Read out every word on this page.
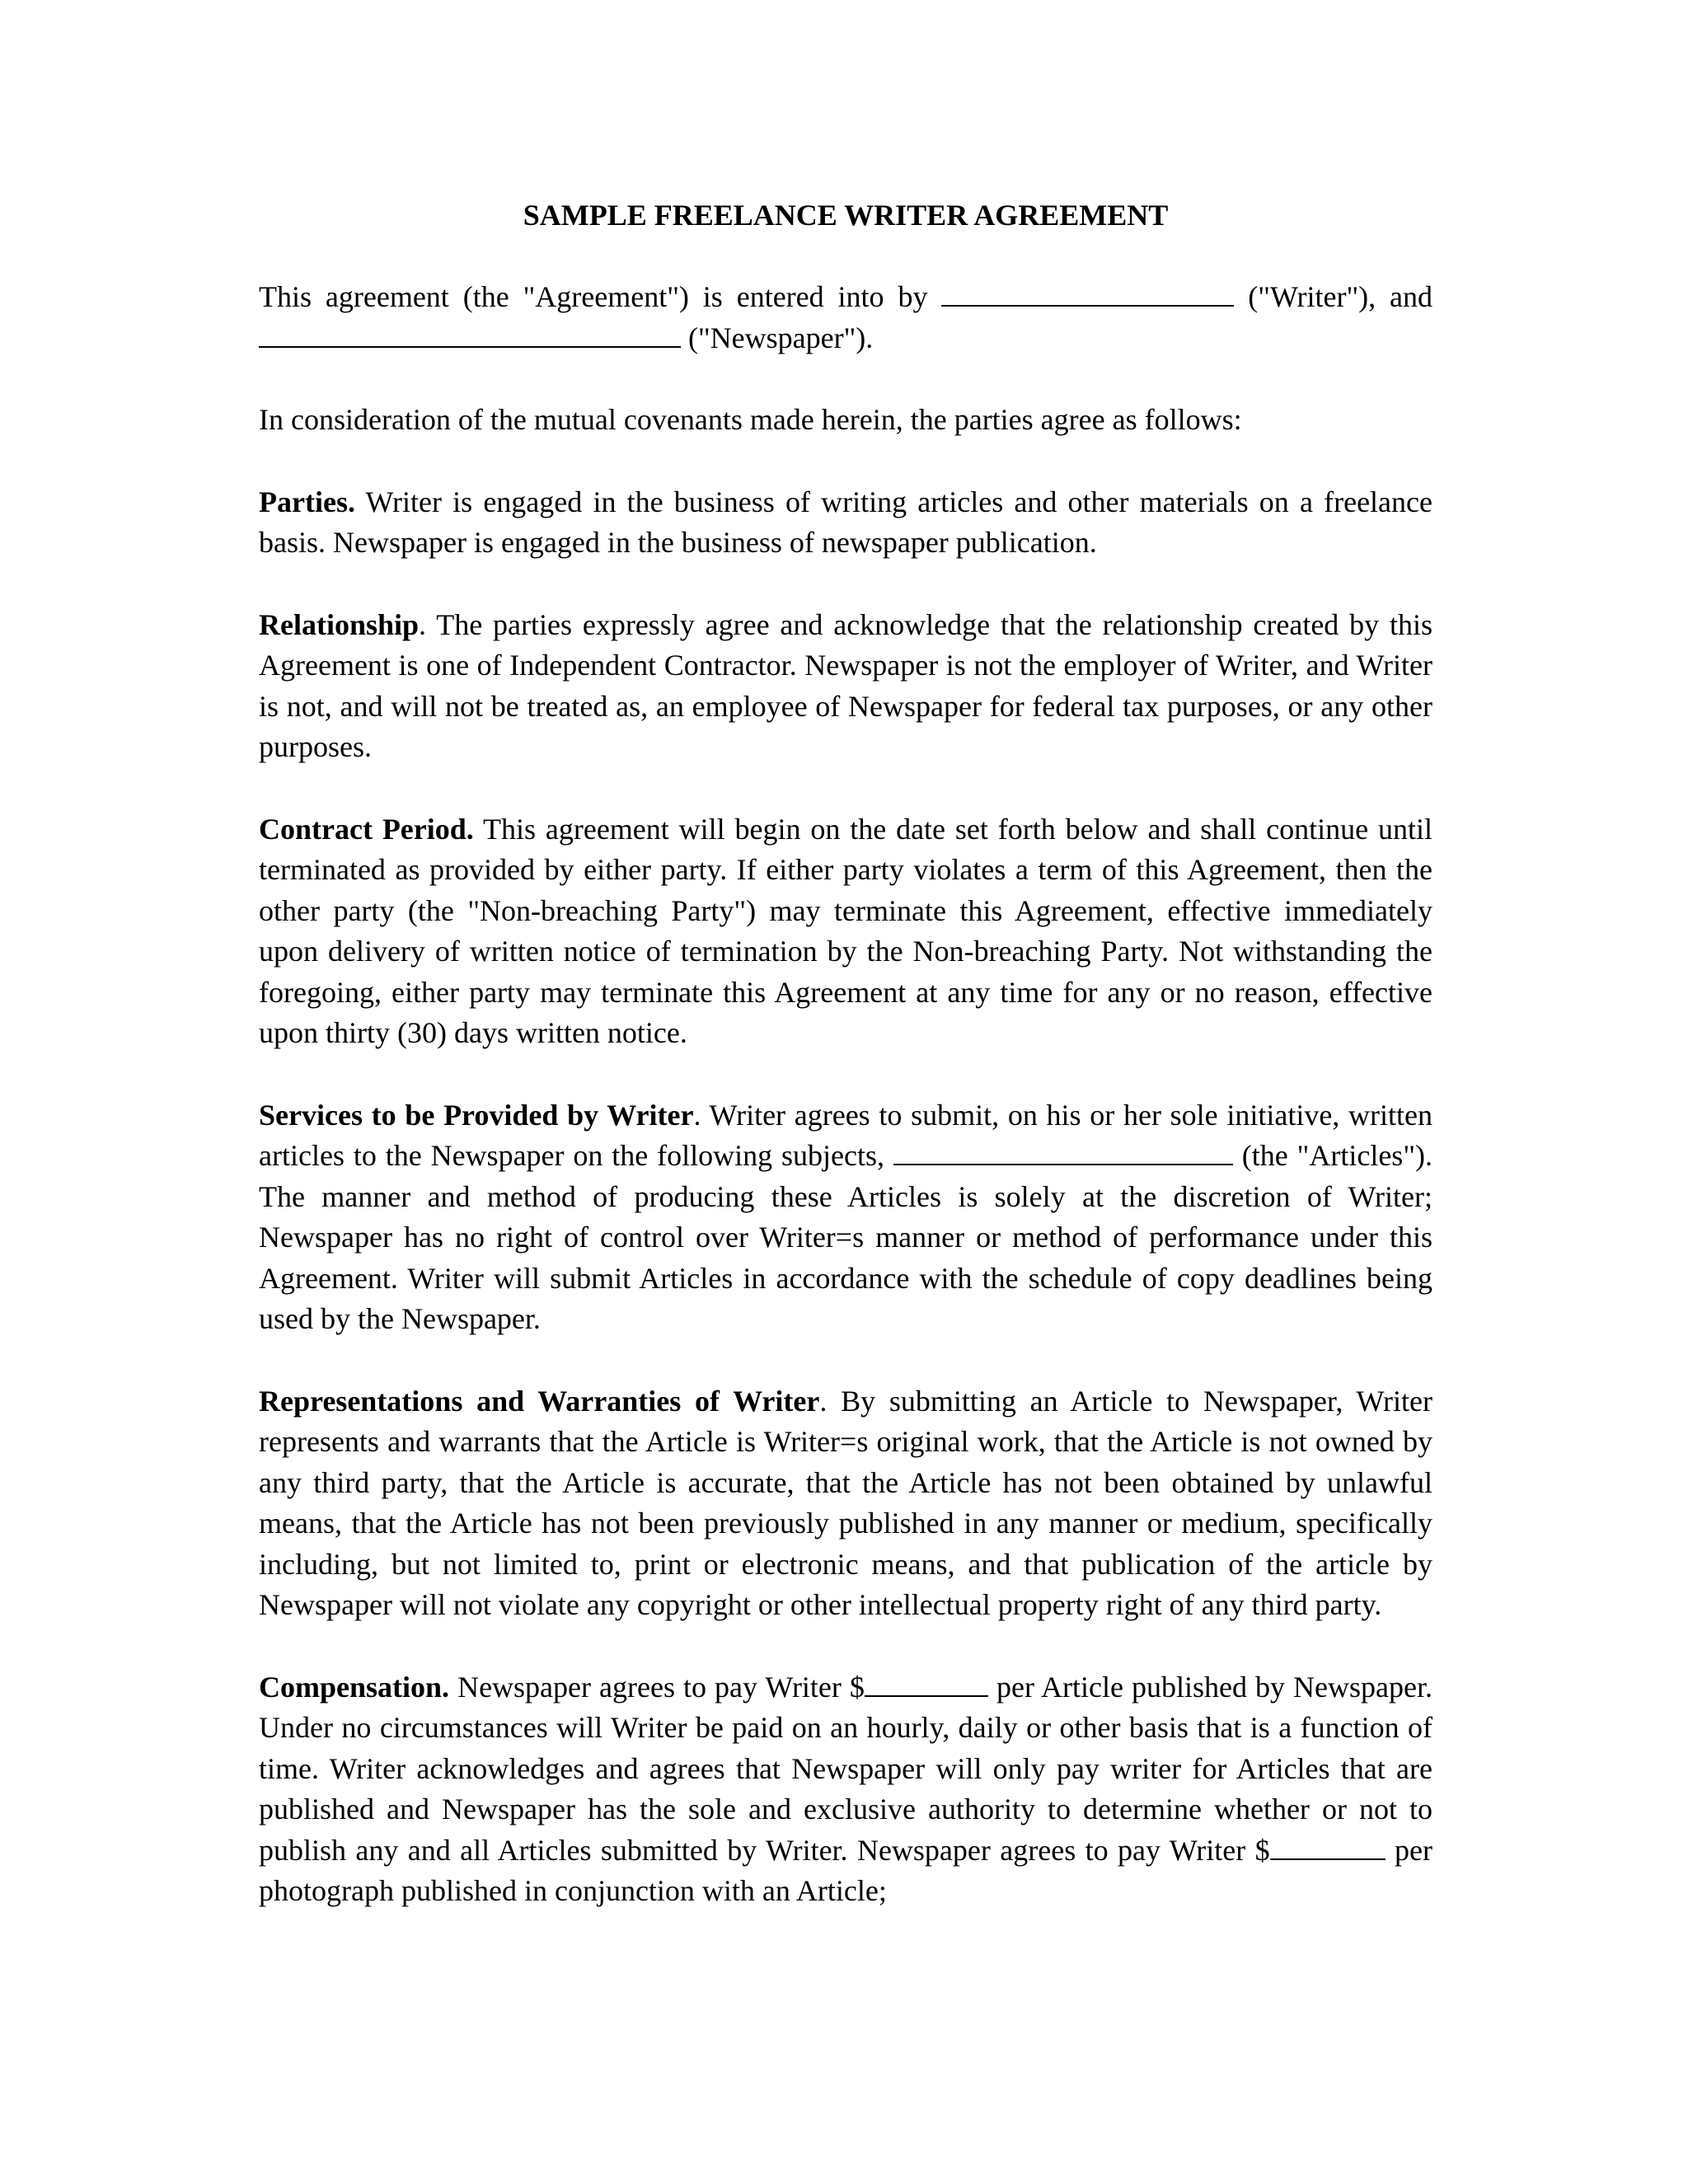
SAMPLE FREELANCE WRITER AGREEMENT

This agreement (the "Agreement") is entered into by	("Writer"), and  ("Newspaper").

In consideration of the mutual covenants made herein, the parties agree as follows:

Parties. Writer is engaged in the business of writing articles and other materials on a freelance basis. Newspaper is engaged in the business of newspaper publication.

Relationship. The parties expressly agree and acknowledge that the relationship created by this Agreement is one of Independent Contractor. Newspaper is not the employer of Writer, and Writer is not, and will not be treated as, an employee of Newspaper for federal tax purposes, or any other purposes.

Contract Period. This agreement will begin on the date set forth below and shall continue until terminated as provided by either party. If either party violates a term of this Agreement, then the other party (the "Non-breaching Party") may terminate this Agreement, effective immediately upon delivery of written notice of termination by the Non-breaching Party. Not withstanding the foregoing, either party may terminate this Agreement at any time for any or no reason, effective upon thirty (30) days written notice.

Services to be Provided by Writer. Writer agrees to submit, on his or her sole initiative, written articles to the Newspaper on the following subjects,	(the "Articles"). The manner and method of producing these Articles is solely at the discretion of Writer; Newspaper has no right of control over Writer=s manner or method of performance under this Agreement. Writer will submit Articles in accordance with the schedule of copy deadlines being used by the Newspaper.

Representations and Warranties of Writer. By submitting an Article to Newspaper, Writer represents and warrants that the Article is Writer=s original work, that the Article is not owned by any third party, that the Article is accurate, that the Article has not been obtained by unlawful means, that the Article has not been previously published in any manner or medium, specifically including, but not limited to, print or electronic means, and that publication of the article by Newspaper will not violate any copyright or other intellectual property right of any third party.

Compensation. Newspaper agrees to pay Writer $	per Article published by Newspaper. Under no circumstances will Writer be paid on an hourly, daily or other basis that is a function of time. Writer acknowledges and agrees that Newspaper will only pay writer for Articles that are published and Newspaper has the sole and exclusive authority to determine whether or not to publish any and all Articles submitted by Writer. Newspaper agrees to pay Writer $	per photograph published in conjunction with an Article;
